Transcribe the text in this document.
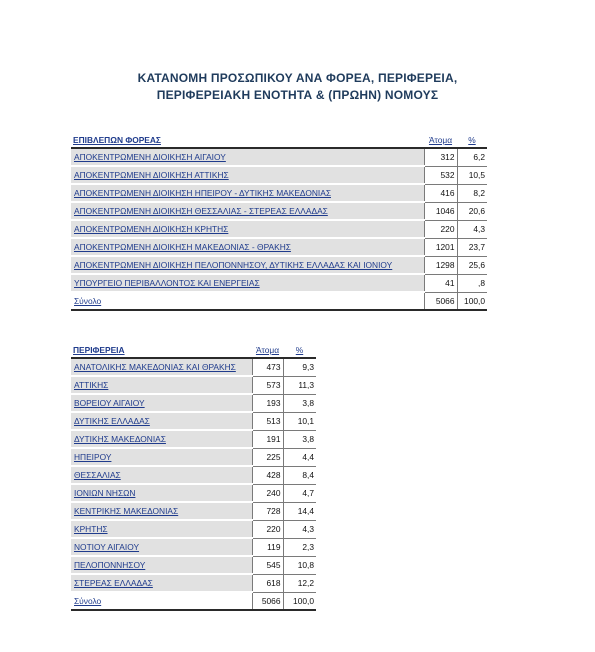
ΚΑΤΑΝΟΜΗ ΠΡΟΣΩΠΙΚΟΥ ΑΝΑ ΦΟΡΕΑ, ΠΕΡΙΦΕΡΕΙΑ,
ΠΕΡΙΦΕΡΕΙΑΚΗ ΕΝΟΤΗΤΑ & (ΠΡΩΗΝ) ΝΟΜΟΥΣ
ΕΠΙΒΛΕΠΩΝ ΦΟΡΕΑΣ	Άτομα	%
ΑΠΟΚΕΝΤΡΩΜΕΝΗ ΔΙΟΙΚΗΣΗ ΑΙΓΑΙΟΥ	312	6,2
ΑΠΟΚΕΝΤΡΩΜΕΝΗ ΔΙΟΙΚΗΣΗ ΑΤΤΙΚΗΣ	532	10,5
ΑΠΟΚΕΝΤΡΩΜΕΝΗ ΔΙΟΙΚΗΣΗ ΗΠΕΙΡΟΥ - ΔΥΤΙΚΗΣ ΜΑΚΕΔΟΝΙΑΣ	416	8,2
ΑΠΟΚΕΝΤΡΩΜΕΝΗ ΔΙΟΙΚΗΣΗ ΘΕΣΣΑΛΙΑΣ - ΣΤΕΡΕΑΣ ΕΛΛΑΔΑΣ	1046	20,6
ΑΠΟΚΕΝΤΡΩΜΕΝΗ ΔΙΟΙΚΗΣΗ ΚΡΗΤΗΣ	220	4,3
ΑΠΟΚΕΝΤΡΩΜΕΝΗ ΔΙΟΙΚΗΣΗ ΜΑΚΕΔΟΝΙΑΣ - ΘΡΑΚΗΣ	1201	23,7
ΑΠΟΚΕΝΤΡΩΜΕΝΗ ΔΙΟΙΚΗΣΗ ΠΕΛΟΠΟΝΝΗΣΟΥ, ΔΥΤΙΚΗΣ ΕΛΛΑΔΑΣ ΚΑΙ ΙΟΝΙΟΥ	1298	25,6
ΥΠΟΥΡΓΕΙΟ ΠΕΡΙΒΑΛΛΟΝΤΟΣ ΚΑΙ ΕΝΕΡΓΕΙΑΣ	41	,8
Σύνολο	5066	100,0
ΠΕΡΙΦΕΡΕΙΑ	Άτομα	%
ΑΝΑΤΟΛΙΚΗΣ ΜΑΚΕΔΟΝΙΑΣ ΚΑΙ ΘΡΑΚΗΣ	473	9,3
ΑΤΤΙΚΗΣ	573	11,3
ΒΟΡΕΙΟΥ ΑΙΓΑΙΟΥ	193	3,8
ΔΥΤΙΚΗΣ ΕΛΛΑΔΑΣ	513	10,1
ΔΥΤΙΚΗΣ ΜΑΚΕΔΟΝΙΑΣ	191	3,8
ΗΠΕΙΡΟΥ	225	4,4
ΘΕΣΣΑΛΙΑΣ	428	8,4
ΙΟΝΙΩΝ ΝΗΣΩΝ	240	4,7
ΚΕΝΤΡΙΚΗΣ ΜΑΚΕΔΟΝΙΑΣ	728	14,4
ΚΡΗΤΗΣ	220	4,3
ΝΟΤΙΟΥ ΑΙΓΑΙΟΥ	119	2,3
ΠΕΛΟΠΟΝΝΗΣΟΥ	545	10,8
ΣΤΕΡΕΑΣ ΕΛΛΑΔΑΣ	618	12,2
Σύνολο	5066	100,0
